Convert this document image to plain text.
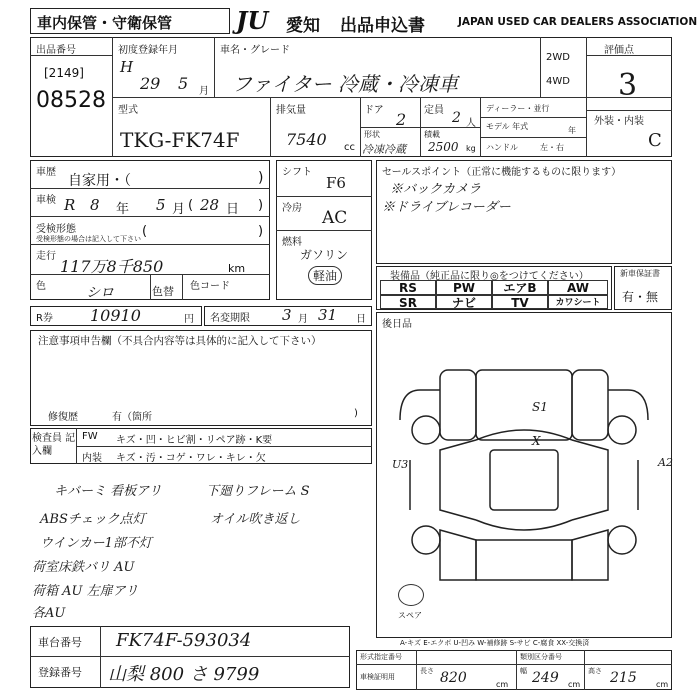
車内保管・守衛保管	JU	愛知 出品申込書	JAPAN USED CAR DEALERS ASSOCIATION
出品番号
[2149]
08528
初度登録年月
H
29 5 月
車名・グレード
ファイター 冷蔵・冷凍車
2WD
4WD
評価点
3
外装・内装
C
型式
TKG-FK74F
排気量
7540 cc
ドア 2 定員 2 人
形状
冷凍冷蔵
積載
2500 kg
ディーラー・並行
モデル 年式	年
ハンドル	左・右
車歴
自家用・（	)
車検 R 8 年 5 月 ( 28 日 )
受検形態
受検形態の場合は記入して下さい (	)
走行
117万8千850	km
色	シロ	色替 色コード
シフト
F6
冷房 AC
燃料
ガソリン
軽油
セールスポイント（正常に機能するものに限ります）
※バックカメラ
※ドライブレコーダー
装備品（純正品に限り◎をつけてください）
RS	PW	エアB	AW
SR	ナビ	TV	カワシート
新車保証書
有・無
R券 10910	円 名変期限 3 月 31 日 後日品
注意事項申告欄（不具合内容等は具体的に記入して下さい）
修復歴	有（箇所	)
検査員 記入欄
FW キズ・凹・ヒビ割・リペア跡・K要
内装 キズ・汚・コゲ・ワレ・キレ・欠
キバーミ 看板アリ
ABSチェック点灯
ウインカー1部不灯
荷室床鉄バリ AU
荷箱 AU 左扉アリ
各AU
下廻りフレーム S
オイル吹き返し
S1
X
U3	A2
スペア
A-キズ E-エクボ U-凹み W-補修跡 S-サビ C-腐食 XX-交換済
車台番号 FK74F-593034
登録番号 山梨 800 さ 9799
形式指定番号	類別区分番号
車検証明用
長さ 820	cm
幅 249 cm
高さ 215 cm
